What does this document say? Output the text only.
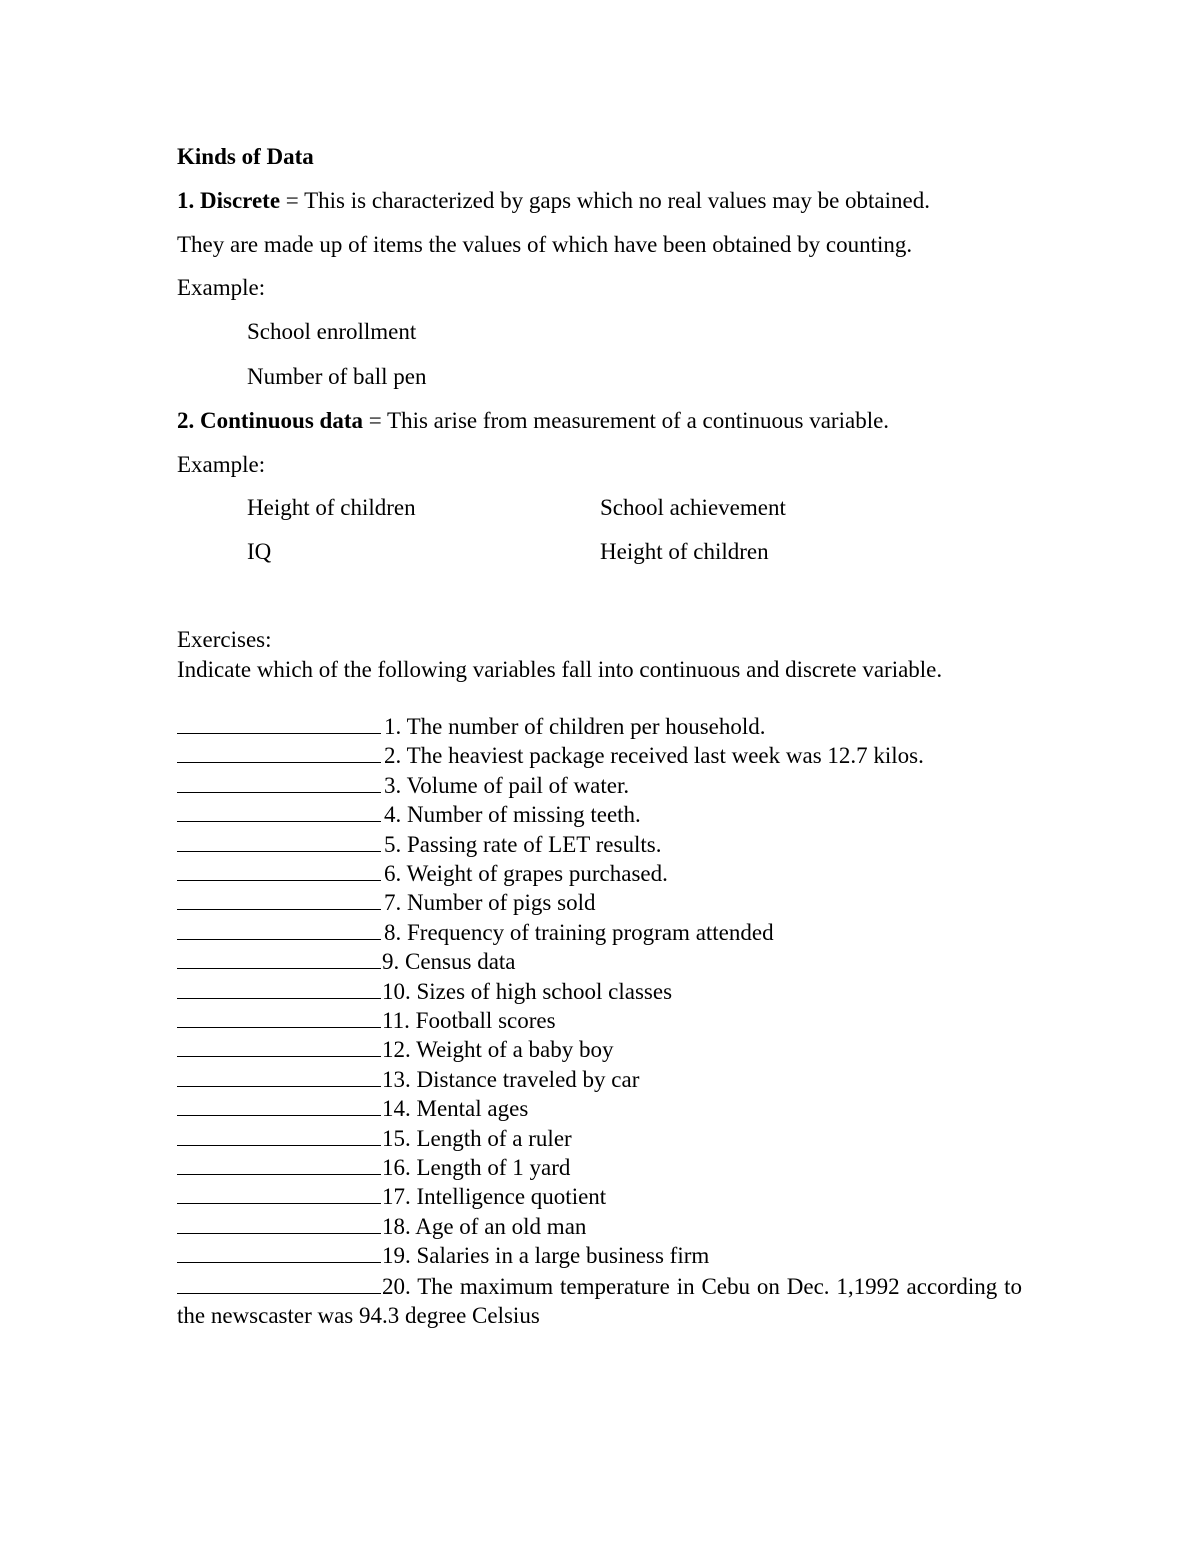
Kinds of Data
1. Discrete = This is characterized by gaps which no real values may be obtained.
They are made up of items the values of which have been obtained by counting.
Example:
School enrollment
Number of ball pen
2. Continuous data = This arise from measurement of a continuous variable.
Example:
Height of children	School achievement
IQ	Height of children
Exercises:
Indicate which of the following variables fall into continuous and discrete variable.
1. The number of children per household.
2. The heaviest package received last week was 12.7 kilos.
3. Volume of pail of water.
4. Number of missing teeth.
5. Passing rate of LET results.
6. Weight of grapes purchased.
7. Number of pigs sold
8. Frequency of training program attended
9. Census data
10. Sizes of high school classes
11. Football scores
12. Weight of a baby boy
13. Distance traveled by car
14. Mental ages
15. Length of a ruler
16. Length of 1 yard
17. Intelligence quotient
18. Age of an old man
19. Salaries in a large business firm
20. The maximum temperature in Cebu on Dec. 1,1992 according to the newscaster was 94.3 degree Celsius
